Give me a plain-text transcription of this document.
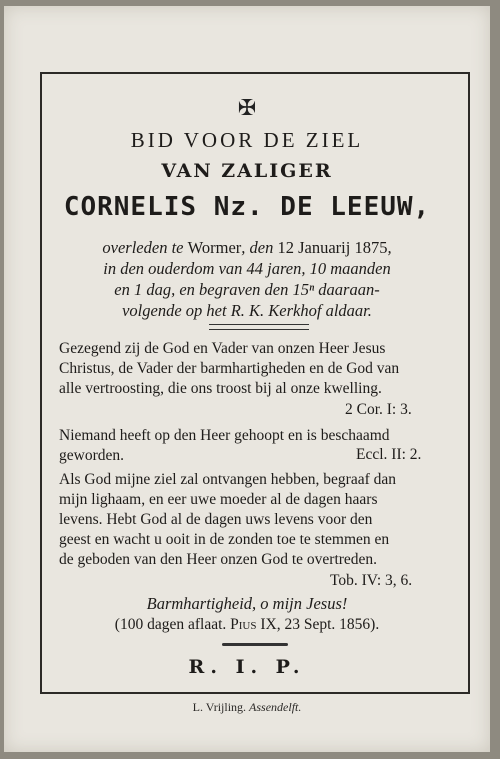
✠
BID VOOR DE ZIEL
VAN ZALIGER
CORNELIS Nz. DE LEEUW,
overleden te Wormer, den 12 Januarij 1875,
in den ouderdom van 44 jaren, 10 maanden
en 1 dag, en begraven den 15ⁿ daaraan-
volgende op het R. K. Kerkhof aldaar.
Gezegend zij de God en Vader van onzen Heer Jesus
Christus, de Vader der barmhartigheden en de God van
alle vertroosting, die ons troost bij al onze kwelling.
2 Cor. I: 3.
Niemand heeft op den Heer gehoopt en is beschaamd
geworden.	Eccl. II: 2.
Als God mijne ziel zal ontvangen hebben, begraaf dan
mijn lighaam, en eer uwe moeder al de dagen haars
levens. Hebt God al de dagen uws levens voor den
geest en wacht u ooit in de zonden toe te stemmen en
de geboden van den Heer onzen God te overtreden.
Tob. IV: 3, 6.
Barmhartigheid, o mijn Jesus!
(100 dagen aflaat. Pius IX, 23 Sept. 1856).
R. I. P.
L. Vrijling. Assendelft.
